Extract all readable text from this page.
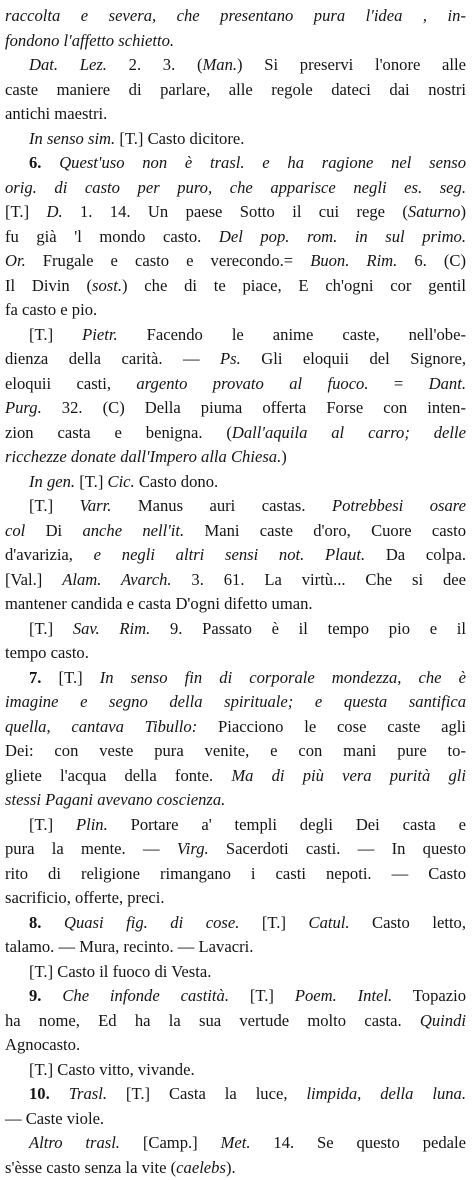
raccolta e severa, che presentano pura l'idea , in-
fondono l'affetto schietto.
Dat. Lez. 2. 3. (Man.) Si preservi l'onore alle
caste maniere di parlare, alle regole dateci dai nostri
antichi maestri.
In senso sim. [T.] Casto dicitore.
6. Quest'uso non è trasl. e ha ragione nel senso
orig. di casto per puro, che apparisce negli es. seg.
[T.] D. 1. 14. Un paese Sotto il cui rege (Saturno)
fu già 'l mondo casto. Del pop. rom. in sul primo.
Or. Frugale e casto e verecondo.= Buon. Rim. 6. (C)
Il Divin (sost.) che di te piace, E ch'ogni cor gentil
fa casto e pio.
[T.] Pietr. Facendo le anime caste, nell'obe-
dienza della carità. — Ps. Gli eloquii del Signore,
eloquii casti, argento provato al fuoco. = Dant.
Purg. 32. (C) Della piuma offerta Forse con inten-
zion casta e benigna. (Dall'aquila al carro; delle
ricchezze donate dall'Impero alla Chiesa.)
In gen. [T.] Cic. Casto dono.
[T.] Varr. Manus auri castas. Potrebbesi osare
col Di anche nell'it. Mani caste d'oro, Cuore casto
d'avarizia, e negli altri sensi not. Plaut. Da colpa.
[Val.] Alam. Avarch. 3. 61. La virtù... Che si dee
mantener candida e casta D'ogni difetto uman.
[T.] Sav. Rim. 9. Passato è il tempo pio e il
tempo casto.
7. [T.] In senso fin di corporale mondezza, che è
imagine e segno della spirituale; e questa santifica
quella, cantava Tibullo: Piacciono le cose caste agli
Dei: con veste pura venite, e con mani pure to-
gliete l'acqua della fonte. Ma di più vera purità gli
stessi Pagani avevano coscienza.
[T.] Plin. Portare a' templi degli Dei casta e
pura la mente. — Virg. Sacerdoti casti. — In questo
rito di religione rimangano i casti nepoti. — Casto
sacrificio, offerte, preci.
8. Quasi fig. di cose. [T.] Catul. Casto letto,
talamo. — Mura, recinto. — Lavacri.
[T.] Casto il fuoco di Vesta.
9. Che infonde castità. [T.] Poem. Intel. Topazio
ha nome, Ed ha la sua vertude molto casta. Quindi
Agnocasto.
[T.] Casto vitto, vivande.
10. Trasl. [T.] Casta la luce, limpida, della luna.
— Caste viole.
Altro trasl. [Camp.] Met. 14. Se questo pedale
s'èsse casto senza la vite (caelebs).
